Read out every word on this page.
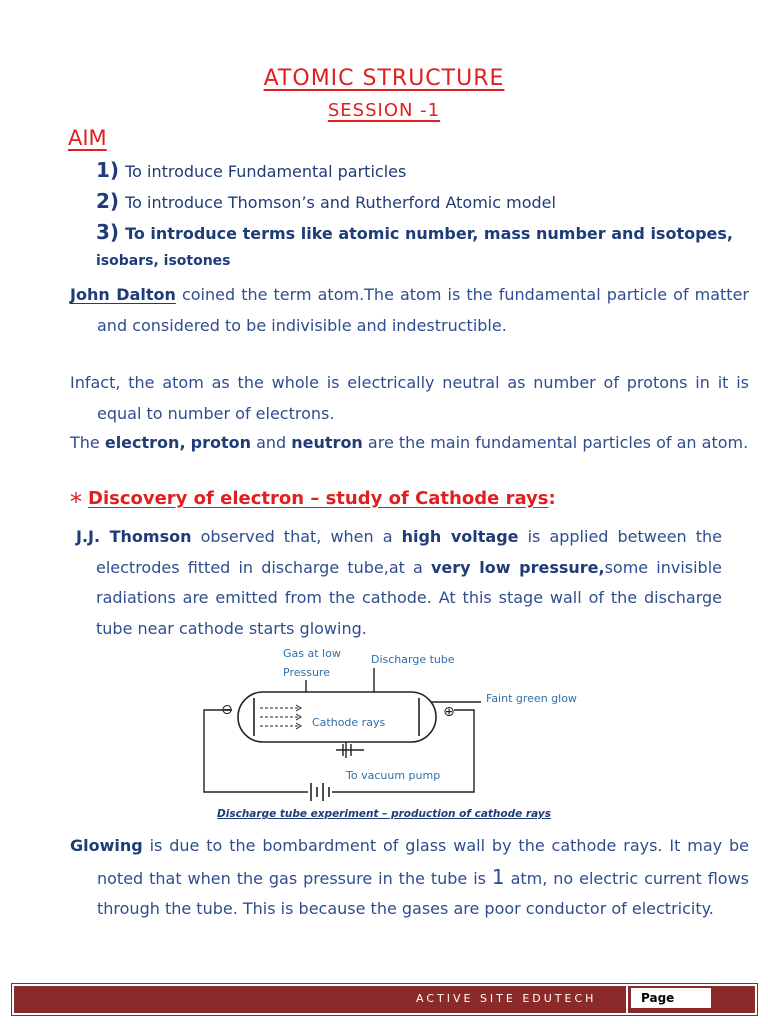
ATOMIC STRUCTURE
SESSION -1
AIM
1) To introduce Fundamental particles
2) To introduce Thomson’s and Rutherford Atomic model
3) To introduce terms like atomic number, mass number and isotopes,
isobars, isotones
John Dalton coined the term atom.The atom is the fundamental particle of matter and considered to be indivisible and indestructible.
Infact, the atom as the whole is electrically neutral as number of protons in it is equal to number of electrons.
The electron, proton and neutron are the main fundamental particles of an atom.
* Discovery of electron – study of Cathode rays:
J.J. Thomson observed that, when a high voltage is applied between the electrodes fitted in discharge tube,at a very low pressure,some invisible radiations are emitted from the cathode. At this stage wall of the discharge tube near cathode starts glowing.
⊖	⊕
Gas at low
Pressure
Discharge tube
Faint green glow
Cathode rays
To vacuum pump
Discharge tube experiment – production of cathode rays
Glowing is due to the bombardment of glass wall by the cathode rays. It may be noted that when the gas pressure in the tube is 1 atm, no electric current flows through the tube. This is because the gases are poor conductor of electricity.
ACTIVE SITE EDUTECH	Page
